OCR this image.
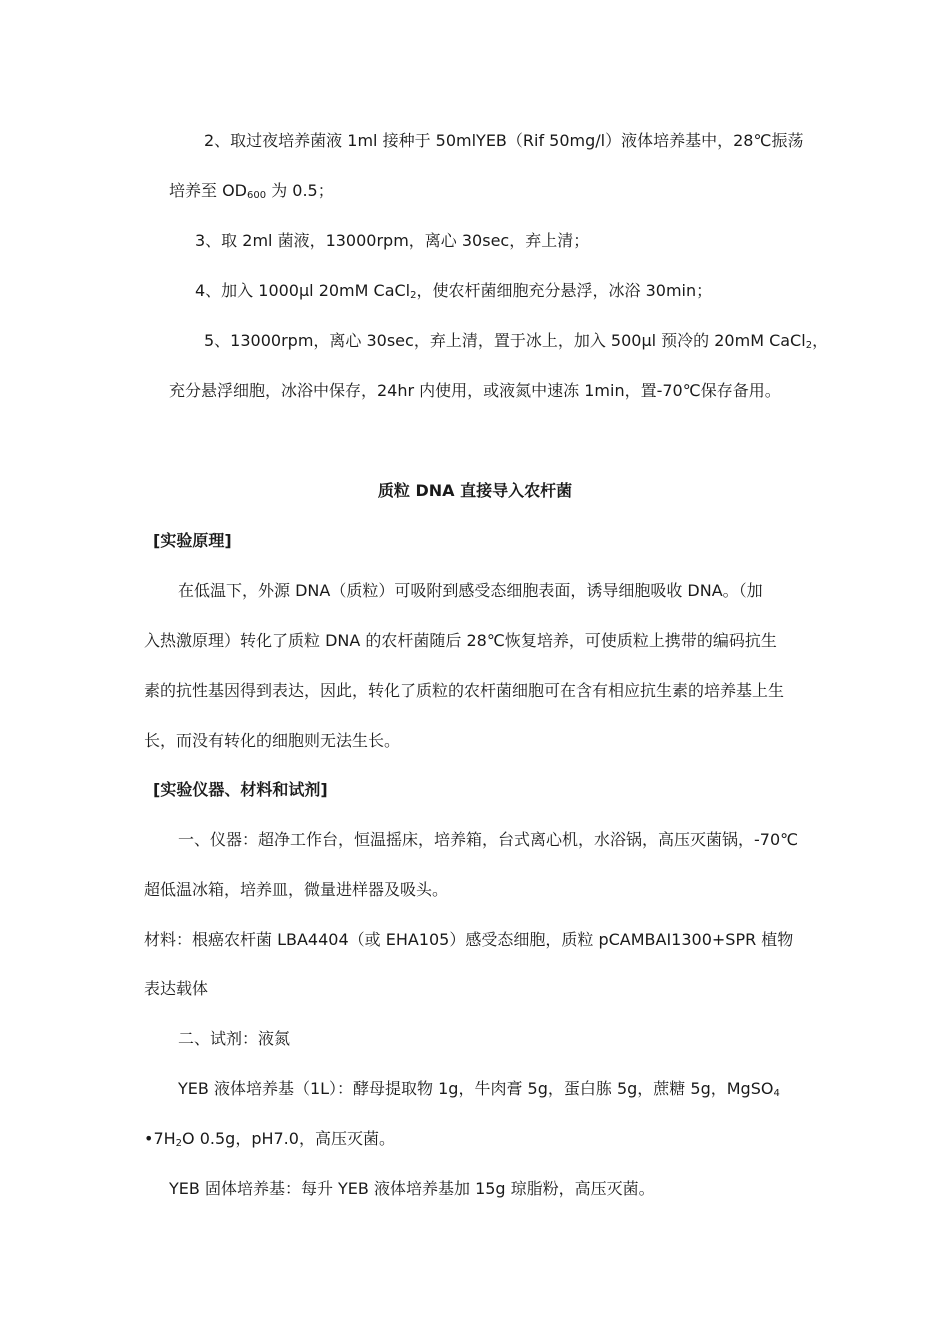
2、取过夜培养菌液 1ml 接种于 50mlYEB（Rif 50mg/l）液体培养基中，28℃振荡
培养至 $OD_{600}$ 为 0.5；
3、取 2ml 菌液，13000rpm，离心 30sec，弃上清；
4、加入 1000μl 20mM CaCl$_2$，使农杆菌细胞充分悬浮，冰浴 30min；
5、13000rpm，离心 30sec，弃上清，置于冰上，加入 500μl 预冷的 20mM CaCl$_2$，
充分悬浮细胞，冰浴中保存，24hr 内使用，或液氮中速冻 1min，置-70℃保存备用。
质粒 DNA 直接导入农杆菌
[实验原理]
在低温下，外源 DNA（质粒）可吸附到感受态细胞表面，诱导细胞吸收 DNA。（加
入热激原理）转化了质粒 DNA 的农杆菌随后 28℃恢复培养，可使质粒上携带的编码抗生
素的抗性基因得到表达，因此，转化了质粒的农杆菌细胞可在含有相应抗生素的培养基上生
长，而没有转化的细胞则无法生长。
[实验仪器、材料和试剂]
一、仪器：超净工作台，恒温摇床，培养箱，台式离心机，水浴锅，高压灭菌锅，-70℃
超低温冰箱，培养皿，微量进样器及吸头。
材料：根癌农杆菌 LBA4404（或 EHA105）感受态细胞，质粒 pCAMBAI1300+SPR 植物
表达载体
二、试剂：液氮
YEB 液体培养基（1L）：酵母提取物 1g，牛肉膏 5g，蛋白胨 5g，蔗糖 5g，MgSO$_4$
$•7H_2O$ 0.5g，pH7.0，高压灭菌。
YEB 固体培养基：每升 YEB 液体培养基加 15g 琼脂粉，高压灭菌。
